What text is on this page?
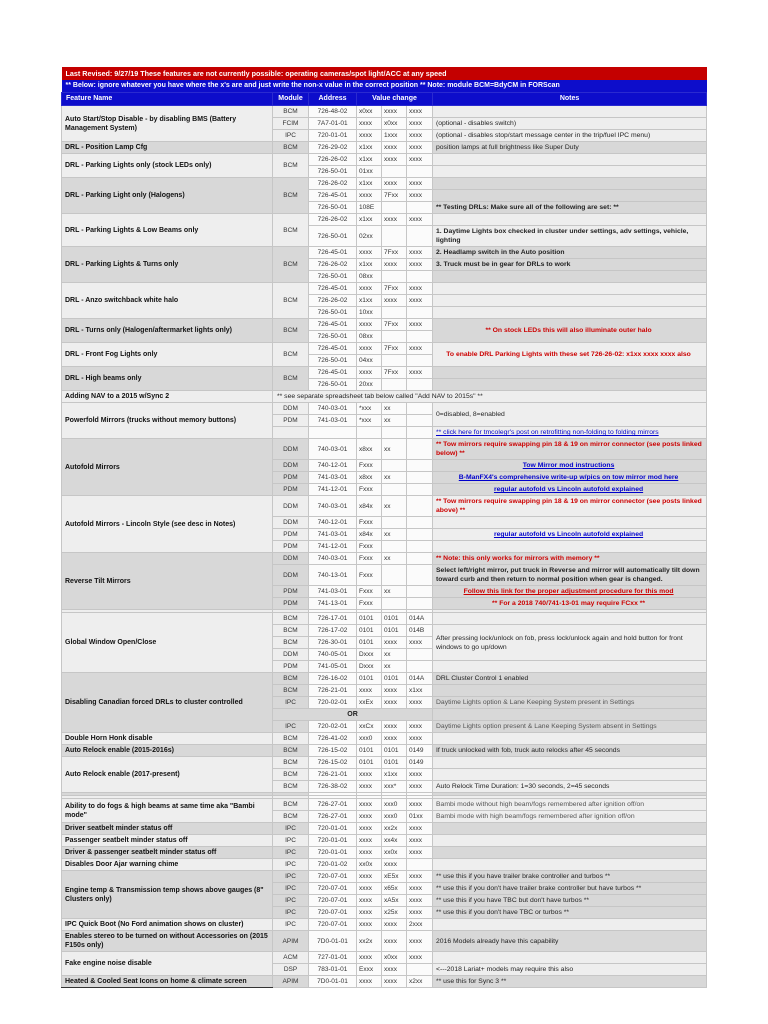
Last Revised: 9/27/19 These features are not currently possible: operating cameras/spot light/ACC at any speed						
** Below: ignore whatever you have where the x's are and just write the non-x value in the correct position ** Note: module BCM=BdyCM in FORScan						
Feature Name	Module	Address	Value change			Notes
Auto Start/Stop Disable - by disabling BMS (Battery Management System)	BCM	726-48-02	x0xx	xxxx	xxxx	
	FCIM	7A7-01-01	xxxx	x0xx	xxxx	(optional - disables switch)
	IPC	720-01-01	xxxx	1xxx	xxxx	(optional - disables stop/start message center in the trip/fuel IPC menu)
DRL - Position Lamp Cfg	BCM	726-29-02	x1xx	xxxx	xxxx	position lamps at full brightness like Super Duty
DRL - Parking Lights only (stock LEDs only)	BCM	726-26-02	x1xx	xxxx	xxxx	
		726-50-01	01xx			
DRL - Parking Light only (Halogens)	BCM	726-26-02	x1xx	xxxx	xxxx	
		726-45-01	xxxx	7Fxx	xxxx	
		726-50-01	108E			** Testing DRLs: Make sure all of the following are set: **
DRL - Parking Lights & Low Beams only	BCM	726-26-02	x1xx	xxxx	xxxx	
		726-50-01	02xx			1. Daytime Lights box checked in cluster under settings, adv settings, vehicle, lighting
DRL - Parking Lights & Turns only	BCM	726-45-01	xxxx	7Fxx	xxxx	2. Headlamp switch in the Auto position
		726-26-02	x1xx	xxxx	xxxx	3. Truck must be in gear for DRLs to work
		726-50-01	08xx			
DRL - Anzo switchback white halo	BCM	726-45-01	xxxx	7Fxx	xxxx	
		726-26-02	x1xx	xxxx	xxxx	
		726-50-01	10xx			
DRL - Turns only (Halogen/aftermarket lights only)	BCM	726-45-01	xxxx	7Fxx	xxxx	** On stock LEDs this will also illuminate outer halo
		726-50-01	08xx			
DRL - Front Fog Lights only	BCM	726-45-01	xxxx	7Fxx	xxxx	To enable DRL Parking Lights with these set 726-26-02: x1xx xxxx xxxx also
		726-50-01	04xx			
DRL - High beams only	BCM	726-45-01	xxxx	7Fxx	xxxx	
		726-50-01	20xx			
Adding NAV to a 2015 w/Sync 2	** see separate spreadsheet tab below called "Add NAV to 2015s" **					
Powerfold Mirrors (trucks without memory buttons)	DDM	740-03-01	*xxx	xx		0=disabled, 8=enabled
	PDM	741-03-01	*xxx	xx		
						** click here for tmcolegr's post on retrofitting non-folding to folding mirrors
Autofold Mirrors	DDM	740-03-01	x8xx	xx		** Tow mirrors require swapping pin 18 & 19 on mirror connector (see posts linked below) **
	DDM	740-12-01	Fxxx			Tow Mirror mod instructions
	PDM	741-03-01	x8xx	xx		B-ManFX4's comprehensive write-up w/pics on tow mirror mod here
	PDM	741-12-01	Fxxx			regular autofold vs Lincoln autofold explained
Autofold Mirrors - Lincoln Style (see desc in Notes)	DDM	740-03-01	x84x	xx		** Tow mirrors require swapping pin 18 & 19 on mirror connector (see posts linked above) **
	DDM	740-12-01	Fxxx			
	PDM	741-03-01	x84x	xx		regular autofold vs Lincoln autofold explained
	PDM	741-12-01	Fxxx			
Reverse Tilt Mirrors	DDM	740-03-01	Fxxx	xx		** Note: this only works for mirrors with memory **
	DDM	740-13-01	Fxxx			Select left/right mirror, put truck in Reverse and mirror will automatically tilt down toward curb and then return to normal position when gear is changed.
	PDM	741-03-01	Fxxx	xx		Follow this link for the proper adjustment procedure for this mod
	PDM	741-13-01	Fxxx			** For a 2018 740/741-13-01 may require FCxx **

Global Window Open/Close	BCM	726-17-01	0101	0101	014A	
	BCM	726-17-02	0101	0101	014B	After pressing lock/unlock on fob, press lock/unlock again and hold button for front windows to go up/down
	BCM	726-30-01	0101	xxxx	xxxx	
	DDM	740-05-01	Dxxx	xx		
	PDM	741-05-01	Dxxx	xx		
Disabling Canadian forced DRLs to cluster controlled	BCM	726-16-02	0101	0101	014A	DRL Cluster Control 1 enabled
	BCM	726-21-01	xxxx	xxxx	x1xx	
	IPC	720-02-01	xxEx	xxxx	xxxx	Daytime Lights option & Lane Keeping System present in Settings
	OR					
	IPC	720-02-01	xxCx	xxxx	xxxx	Daytime Lights option present & Lane Keeping System absent in Settings
Double Horn Honk disable	BCM	726-41-02	xxx0	xxxx	xxxx	
Auto Relock enable (2015-2016s)	BCM	726-15-02	0101	0101	0149	If truck unlocked with fob, truck auto relocks after 45 seconds
Auto Relock enable (2017-present)	BCM	726-15-02	0101	0101	0149	
	BCM	726-21-01	xxxx	x1xx	xxxx	
	BCM	726-38-02	xxxx	xxx*	xxxx	Auto Relock Time Duration: 1=30 seconds, 2=45 seconds

Ability to do fogs & high beams at same time aka "Bambi mode"	BCM	726-27-01	xxxx	xxx0	xxxx	Bambi mode without high beam/fogs remembered after ignition off/on
	BCM	726-27-01	xxxx	xxx0	01xx	Bambi mode with high beam/fogs remembered after ignition off/on
Driver seatbelt minder status off	IPC	720-01-01	xxxx	xx2x	xxxx	
Passenger seatbelt minder status off	IPC	720-01-01	xxxx	xx4x	xxxx	
Driver & passenger seatbelt minder status off	IPC	720-01-01	xxxx	xx0x	xxxx	
Disables Door Ajar warning chime	IPC	720-01-02	xx0x	xxxx		
Engine temp & Transmission temp shows above gauges (8" Clusters only)	IPC	720-07-01	xxxx	xE5x	xxxx	** use this if you have trailer brake controller and turbos **
	IPC	720-07-01	xxxx	x65x	xxxx	** use this if you don't have trailer brake controller but have turbos **
	IPC	720-07-01	xxxx	xA5x	xxxx	** use this if you have TBC but don't have turbos **
	IPC	720-07-01	xxxx	x25x	xxxx	** use this if you don't have TBC or turbos **
IPC Quick Boot (No Ford animation shows on cluster)	IPC	720-07-01	xxxx	xxxx	2xxx	
Enables stereo to be turned on without Accessories on (2015 F150s only)	APIM	7D0-01-01	xx2x	xxxx	xxxx	2016 Models already have this capability
Fake engine noise disable	ACM	727-01-01	xxxx	x0xx	xxxx	
	DSP	783-01-01	Exxx	xxxx		<---2018 Lariat+ models may require this also
Heated & Cooled Seat Icons on home & climate screen	APIM	7D0-01-01	xxxx	xxxx	x2xx	** use this for Sync 3 **
